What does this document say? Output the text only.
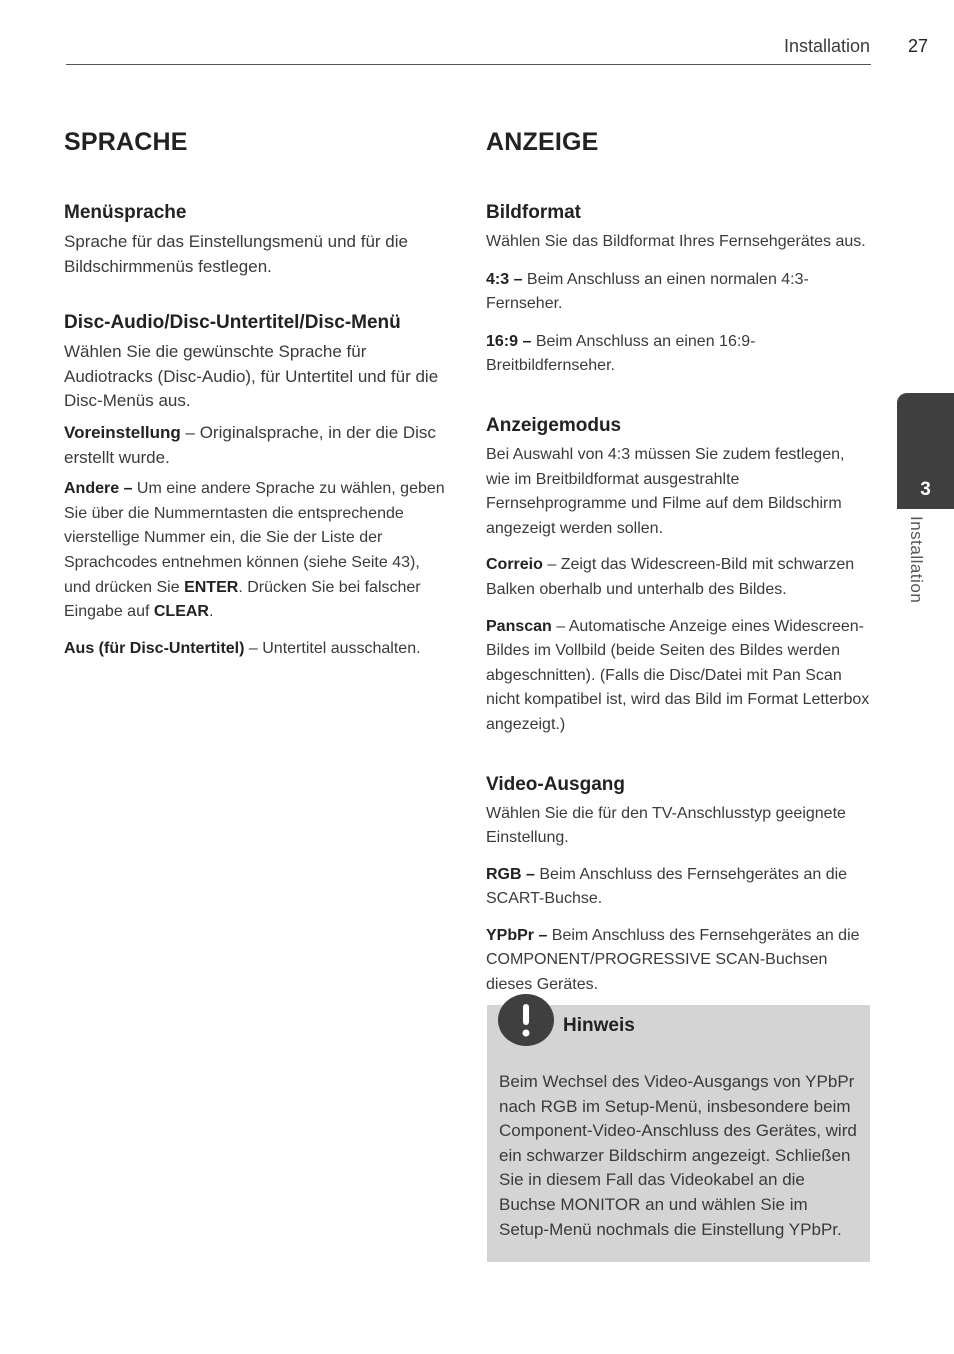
Installation 27
SPRACHE
Menüsprache

Sprache für das Einstellungsmenü und für die Bildschirmmenüs festlegen.

Disc-Audio/Disc-Untertitel/Disc-Menü

Wählen Sie die gewünschte Sprache für Audiotracks (Disc-Audio), für Untertitel und für die Disc-Menüs aus.

Voreinstellung – Originalsprache, in der die Disc erstellt wurde.

Andere – Um eine andere Sprache zu wählen, geben Sie über die Nummerntasten die entsprechende vierstellige Nummer ein, die Sie der Liste der Sprachcodes entnehmen können (siehe Seite 43), und drücken Sie ENTER. Drücken Sie bei falscher Eingabe auf CLEAR.

Aus (für Disc-Untertitel) – Untertitel ausschalten.

ANZEIGE
Bildformat

Wählen Sie das Bildformat Ihres Fernsehgerätes aus.

4:3 – Beim Anschluss an einen normalen 4:3-Fernseher.

16:9 – Beim Anschluss an einen 16:9-Breitbildfernseher.

Anzeigemodus

Bei Auswahl von 4:3 müssen Sie zudem festlegen, wie im Breitbildformat ausgestrahlte Fernsehprogramme und Filme auf dem Bildschirm angezeigt werden sollen.

Correio – Zeigt das Widescreen-Bild mit schwarzen Balken oberhalb und unterhalb des Bildes.

Panscan – Automatische Anzeige eines Widescreen-Bildes im Vollbild (beide Seiten des Bildes werden abgeschnitten). (Falls die Disc/Datei mit Pan Scan nicht kompatibel ist, wird das Bild im Format Letterbox angezeigt.)

Video-Ausgang

Wählen Sie die für den TV-Anschlusstyp geeignete Einstellung.

RGB – Beim Anschluss des Fernsehgerätes an die SCART-Buchse.

YPbPr – Beim Anschluss des Fernsehgerätes an die COMPONENT/PROGRESSIVE SCAN-Buchsen dieses Gerätes.

3
Installation
Hinweis

Beim Wechsel des Video-Ausgangs von YPbPr nach RGB im Setup-Menü, insbesondere beim Component-Video-Anschluss des Gerätes, wird ein schwarzer Bildschirm angezeigt. Schließen Sie in diesem Fall das Videokabel an die Buchse MONITOR an und wählen Sie im Setup-Menü nochmals die Einstellung YPbPr.
